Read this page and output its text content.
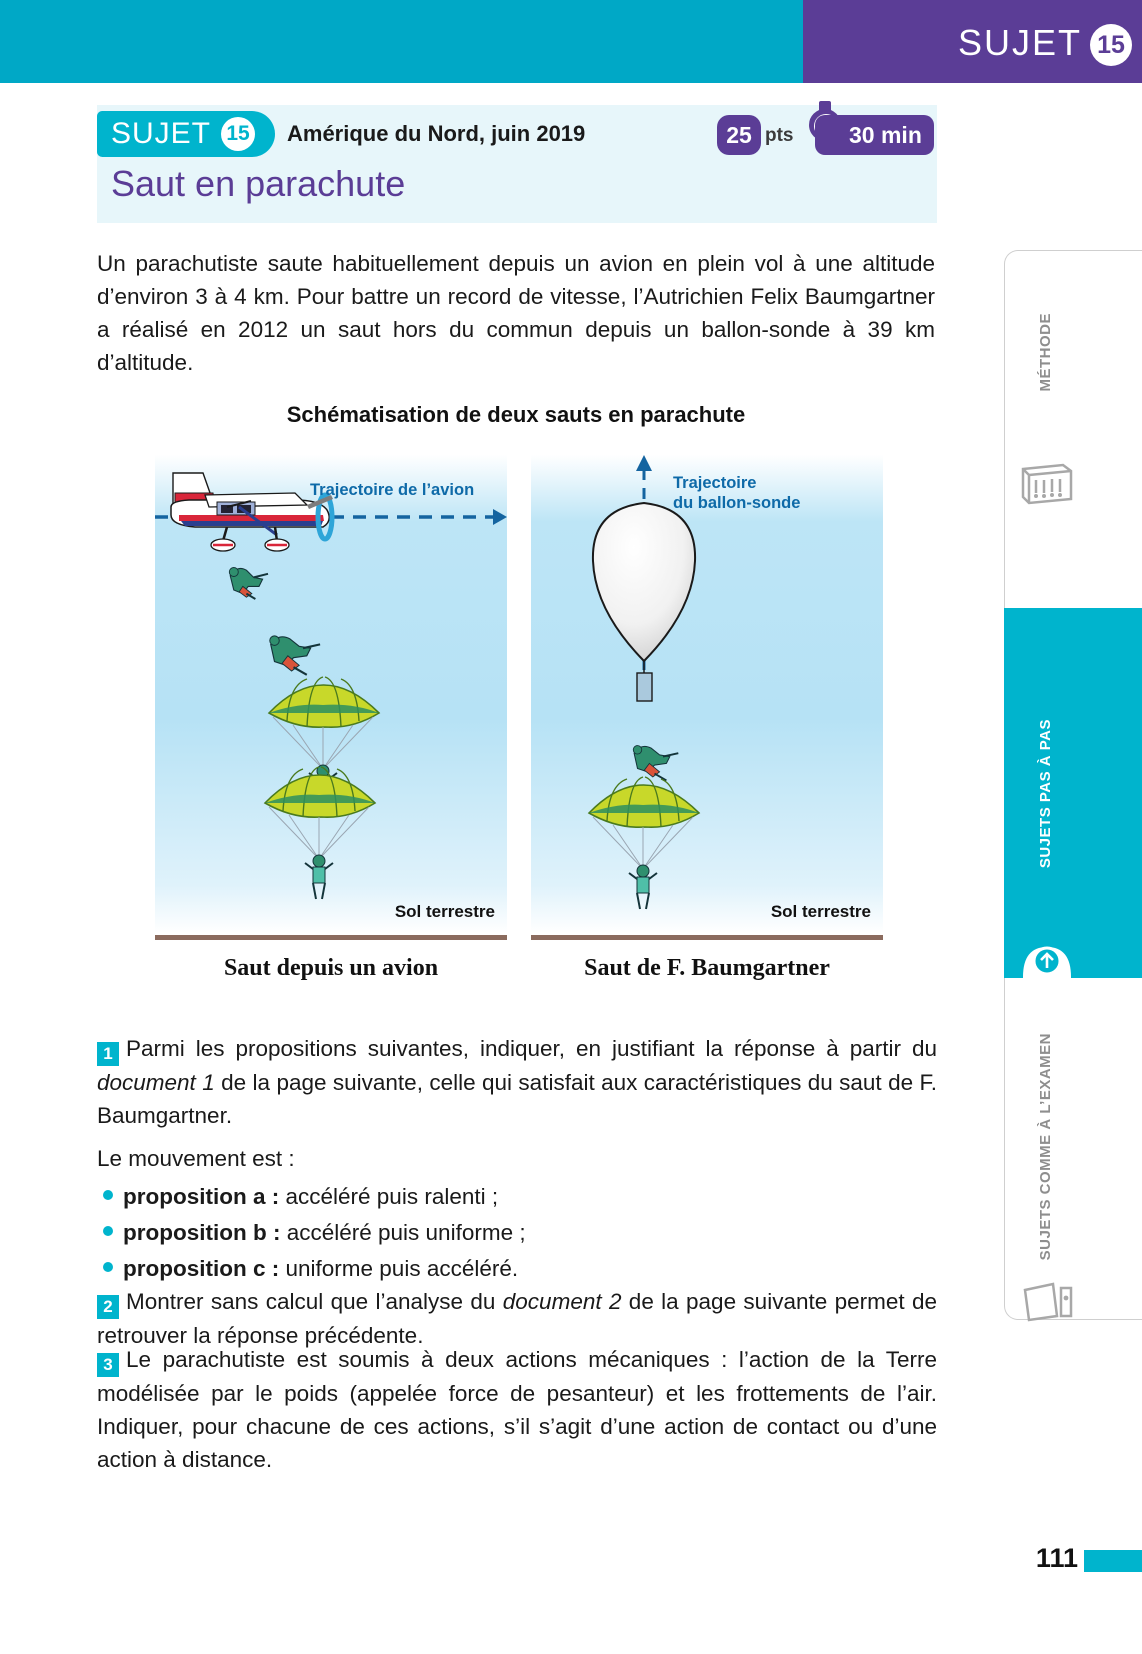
SUJET 15
SUJET 15 Amérique du Nord, juin 2019	25 pts	30 min
Saut en parachute
Un parachutiste saute habituellement depuis un avion en plein vol à une altitude d’environ 3 à 4 km. Pour battre un record de vitesse, l’Autrichien Felix Baumgartner a réalisé en 2012 un saut hors du commun depuis un ballon-sonde à 39 km d’altitude.
Schématisation de deux sauts en parachute
Trajectoire de l’avion
Sol terrestre
Saut depuis un avion
Trajectoire
du ballon-sonde
Sol terrestre
Saut de F. Baumgartner
1 Parmi les propositions suivantes, indiquer, en justifiant la réponse à partir du document 1 de la page suivante, celle qui satisfait aux caractéristiques du saut de F. Baumgartner.
Le mouvement est :
proposition a : accéléré puis ralenti ;
proposition b : accéléré puis uniforme ;
proposition c : uniforme puis accéléré.
2 Montrer sans calcul que l’analyse du document 2 de la page suivante permet de retrouver la réponse précédente.
3 Le parachutiste est soumis à deux actions mécaniques : l’action de la Terre modélisée par le poids (appelée force de pesanteur) et les frottements de l’air. Indiquer, pour chacune de ces actions, s’il s’agit d’une action de contact ou d’une action à distance.
MÉTHODE
SUJETS PAS À PAS
SUJETS COMME À L’EXAMEN
111
